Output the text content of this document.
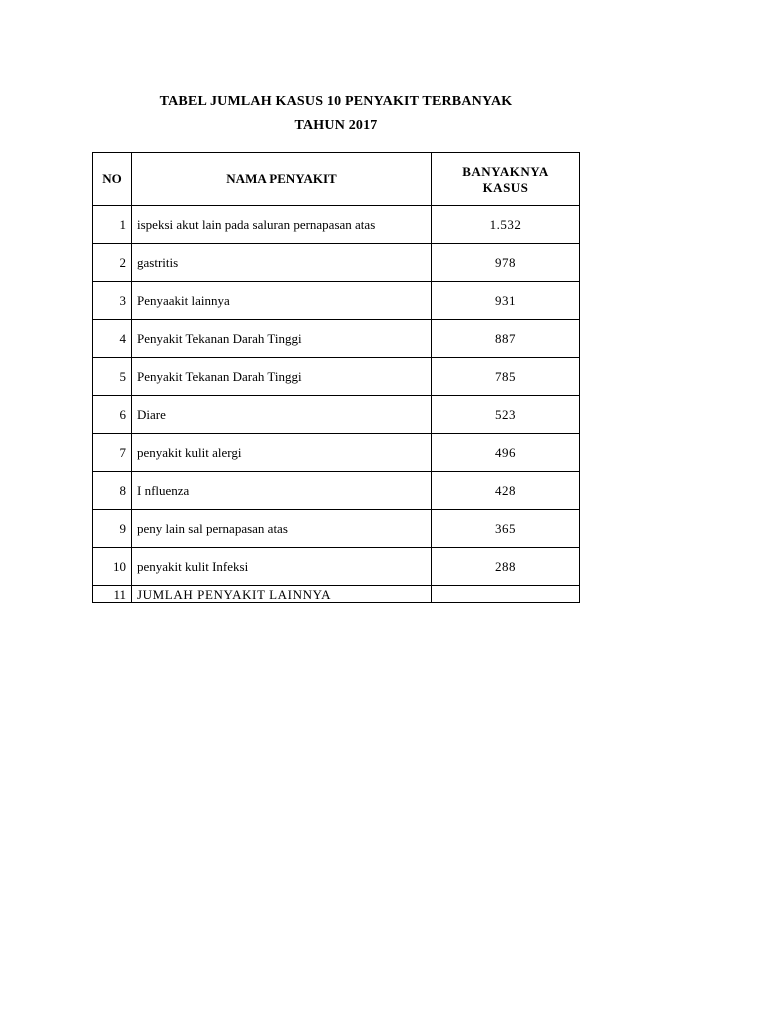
TABEL JUMLAH KASUS 10 PENYAKIT TERBANYAK
TAHUN 2017
NO	NAMA PENYAKIT	BANYAKNYA
KASUS

1	ispeksi akut lain pada saluran pernapasan atas	1.532
2	gastritis	978
3	Penyaakit lainnya	931
4	Penyakit Tekanan Darah Tinggi	887
5	Penyakit Tekanan Darah Tinggi	785
6	Diare	523
7	penyakit kulit alergi	496
8	I nfluenza	428
9	peny lain sal pernapasan atas	365
10	penyakit kulit Infeksi	288
11	JUMLAH PENYAKIT LAINNYA	
